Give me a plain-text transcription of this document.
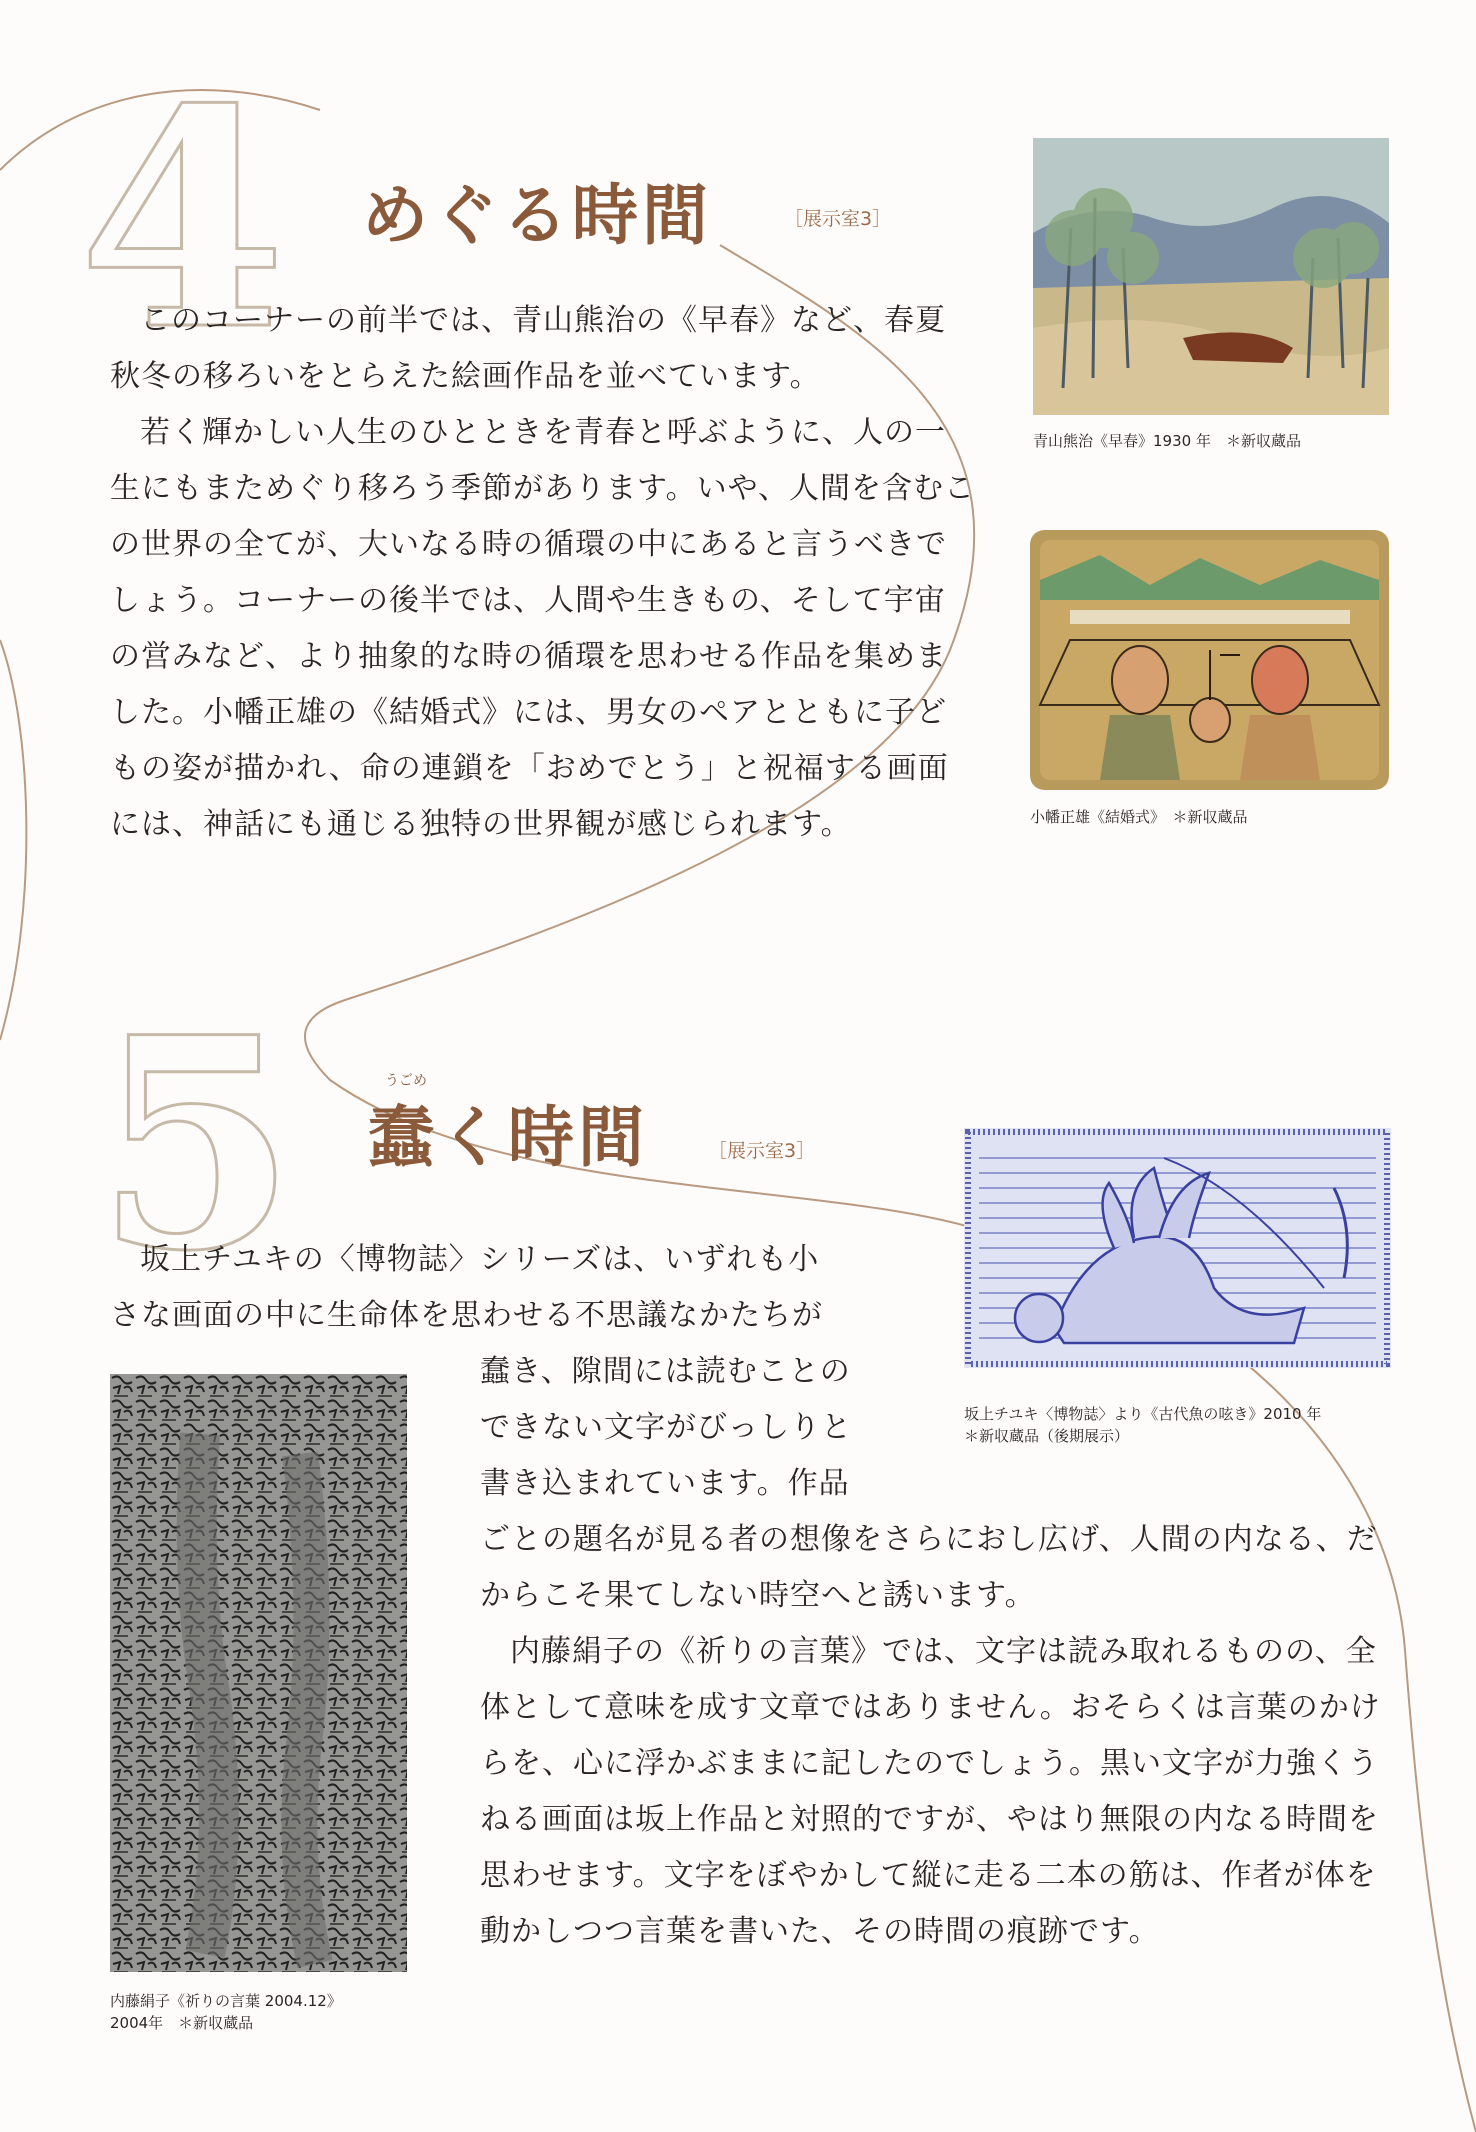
4 めぐる時間	［展示室3］

このコーナーの前半では、青山熊治の《早春》など、春夏秋冬の移ろいをとらえた絵画作品を並べています。

若く輝かしい人生のひとときを青春と呼ぶように、人の一生にもまためぐり移ろう季節があります。いや、人間を含むこの世界の全てが、大いなる時の循環の中にあると言うべきでしょう。コーナーの後半では、人間や生きもの、そして宇宙の営みなど、より抽象的な時の循環を思わせる作品を集めました。小幡正雄の《結婚式》には、男女のペアとともに子どもの姿が描かれ、命の連鎖を「おめでとう」と祝福する画面には、神話にも通じる独特の世界観が感じられます。

青山熊治《早春》1930 年　＊新収蔵品
小幡正雄《結婚式》　＊新収蔵品
5	うごめ
蠢く時間	［展示室3］
坂上チユキの〈博物誌〉シリーズは、いずれも小
さな画面の中に生命体を思わせる不思議なかたちが
蠢き、隙間には読むことの
できない文字がびっしりと
書き込まれています。作品
ごとの題名が見る者の想像をさらにおし広げ、人間の内なる、だからこそ果てしない時空へと誘います。

内藤絹子の《祈りの言葉》では、文字は読み取れるものの、全体として意味を成す文章ではありません。おそらくは言葉のかけらを、心に浮かぶままに記したのでしょう。黒い文字が力強くうねる画面は坂上作品と対照的ですが、やはり無限の内なる時間を思わせます。文字をぼやかして縦に走る二本の筋は、作者が体を動かしつつ言葉を書いた、その時間の痕跡です。

坂上チユキ〈博物誌〉より《古代魚の呟き》2010 年
＊新収蔵品（後期展示）
内藤絹子《祈りの言葉 2004.12》
2004年　＊新収蔵品
